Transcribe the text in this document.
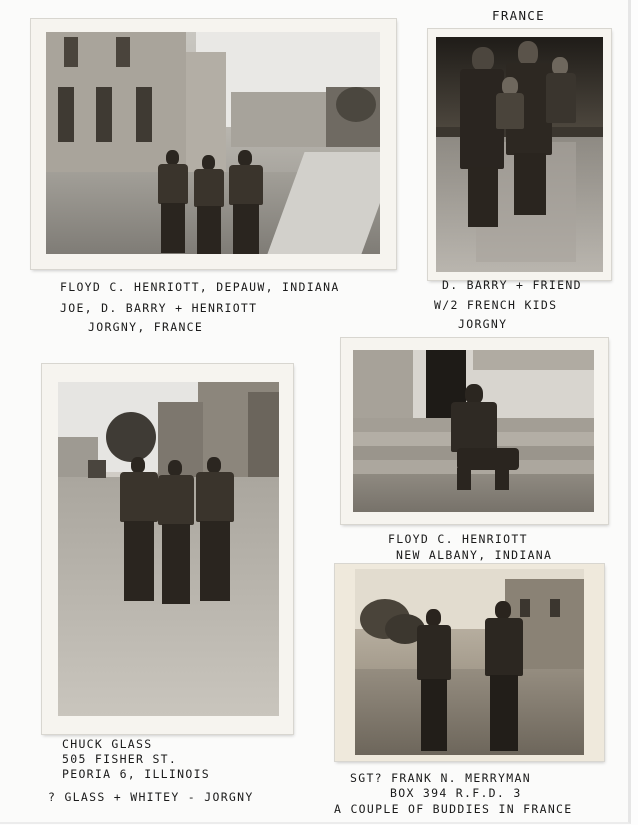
FRANCE
FLOYD C. HENRIOTT, DEPAUW, INDIANA
JOE, D. BARRY + HENRIOTT
JORGNY, FRANCE
D. BARRY + FRIEND
W/2 FRENCH KIDS
JORGNY
CHUCK GLASS
505 FISHER ST.
PEORIA 6, ILLINOIS
? GLASS + WHITEY - JORGNY
FLOYD C. HENRIOTT
NEW ALBANY, INDIANA
SGT? FRANK N. MERRYMAN
BOX 394 R.F.D. 3
A COUPLE OF BUDDIES IN FRANCE
